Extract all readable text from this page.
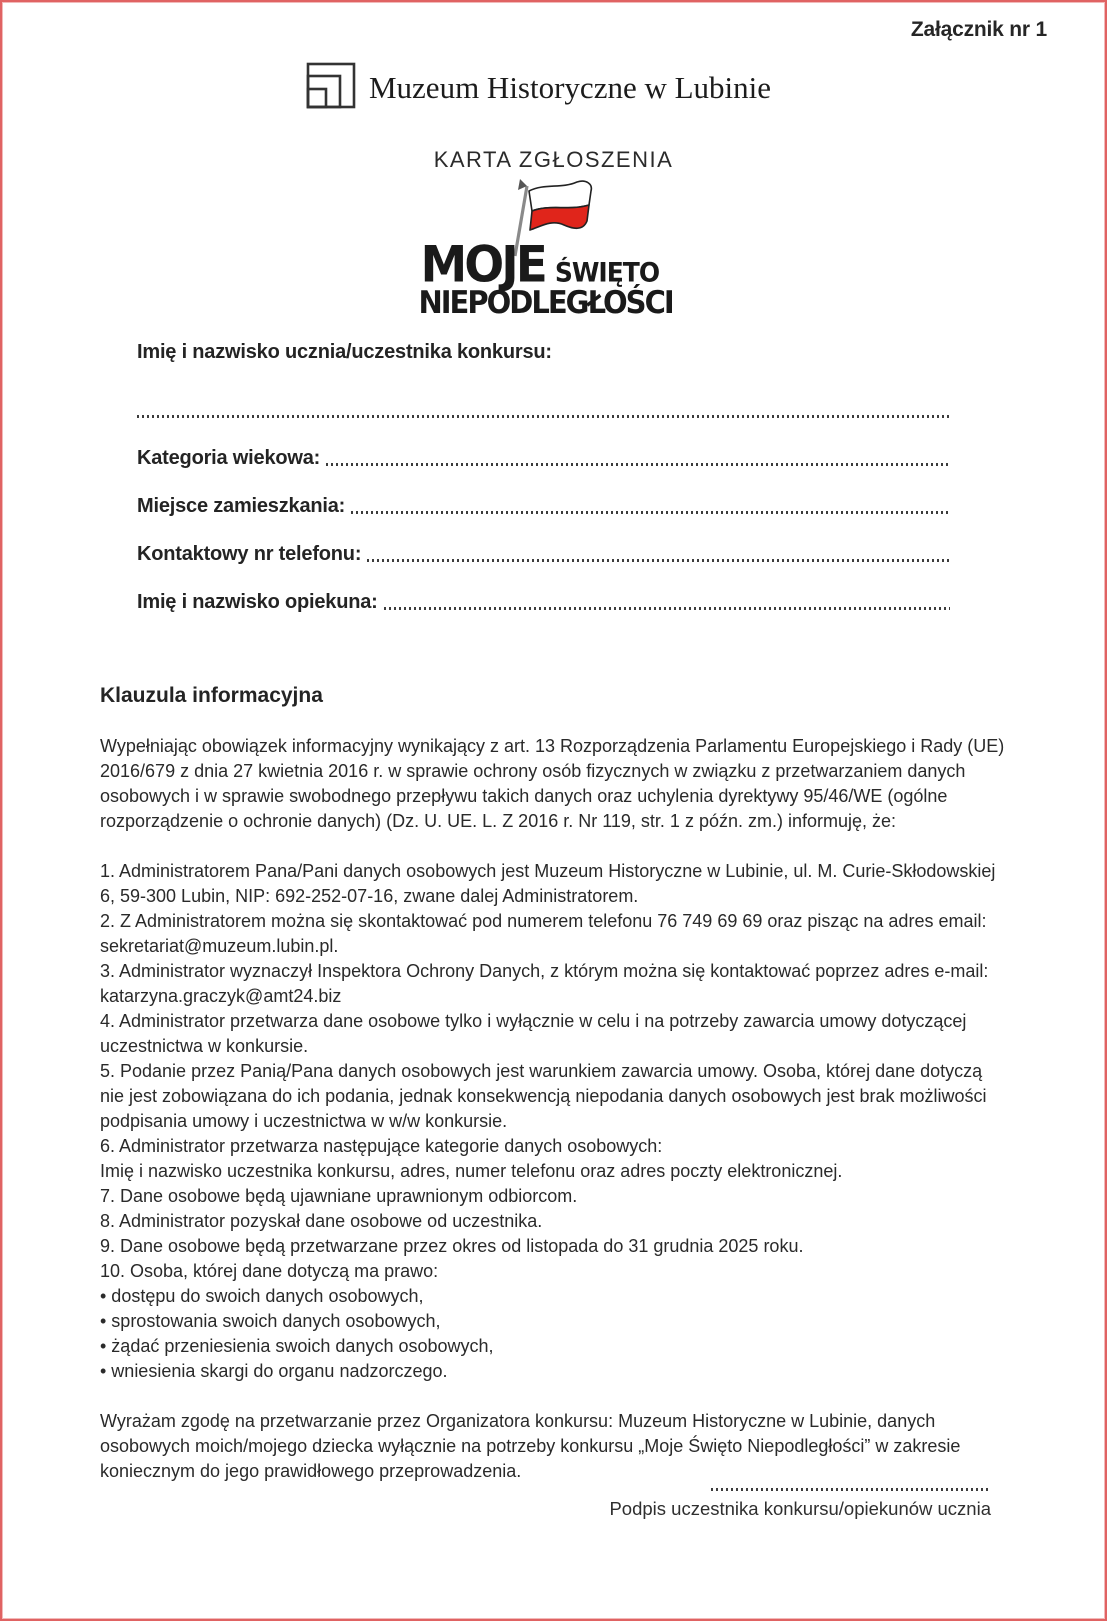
Załącznik nr 1
Muzeum Historyczne w Lubinie
KARTA ZGŁOSZENIA
MOJE ŚWIĘTO
NIEPODLEGŁOŚCI
Imię i nazwisko ucznia/uczestnika konkursu:
Kategoria wiekowa:
Miejsce zamieszkania:
Kontaktowy nr telefonu:
Imię i nazwisko opiekuna:
Klauzula informacyjna

Wypełniając obowiązek informacyjny wynikający z art. 13 Rozporządzenia Parlamentu Europejskiego i Rady (UE) 2016/679 z dnia 27 kwietnia 2016 r. w sprawie ochrony osób fizycznych w związku z przetwarzaniem danych osobowych i w sprawie swobodnego przepływu takich danych oraz uchylenia dyrektywy 95/46/WE (ogólne rozporządzenie o ochronie danych) (Dz. U. UE. L. Z 2016 r. Nr 119, str. 1 z późn. zm.) informuję, że:

1. Administratorem Pana/Pani danych osobowych jest Muzeum Historyczne w Lubinie, ul. M. Curie-Skłodowskiej 6, 59-300 Lubin, NIP: 692-252-07-16, zwane dalej Administratorem.

2. Z Administratorem można się skontaktować pod numerem telefonu 76 749 69 69 oraz pisząc na adres email: sekretariat@muzeum.lubin.pl.

3. Administrator wyznaczył Inspektora Ochrony Danych, z którym można się kontaktować poprzez adres e-mail: katarzyna.graczyk@amt24.biz

4. Administrator przetwarza dane osobowe tylko i wyłącznie w celu i na potrzeby zawarcia umowy dotyczącej uczestnictwa w konkursie.

5. Podanie przez Panią/Pana danych osobowych jest warunkiem zawarcia umowy. Osoba, której dane dotyczą nie jest zobowiązana do ich podania, jednak konsekwencją niepodania danych osobowych jest brak możliwości podpisania umowy i uczestnictwa w w/w konkursie.

6. Administrator przetwarza następujące kategorie danych osobowych:

Imię i nazwisko uczestnika konkursu, adres, numer telefonu oraz adres poczty elektronicznej.

7. Dane osobowe będą ujawniane uprawnionym odbiorcom.

8. Administrator pozyskał dane osobowe od uczestnika.

9. Dane osobowe będą przetwarzane przez okres od listopada do 31 grudnia 2025 roku.

10. Osoba, której dane dotyczą ma prawo:

• dostępu do swoich danych osobowych,

• sprostowania swoich danych osobowych,

• żądać przeniesienia swoich danych osobowych,

• wniesienia skargi do organu nadzorczego.

Wyrażam zgodę na przetwarzanie przez Organizatora konkursu: Muzeum Historyczne w Lubinie, danych osobowych moich/mojego dziecka wyłącznie na potrzeby konkursu „Moje Święto Niepodległości” w zakresie koniecznym do jego prawidłowego przeprowadzenia.

Podpis uczestnika konkursu/opiekunów ucznia
